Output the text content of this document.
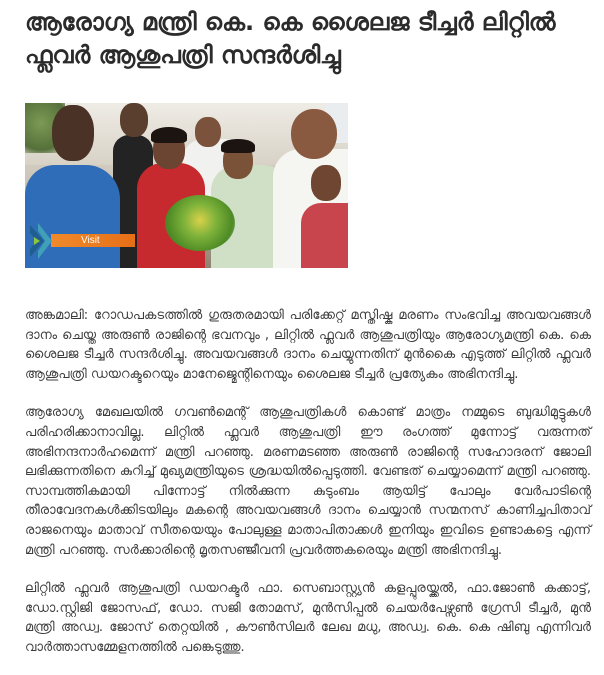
ആരോഗ്യ മന്ത്രി കെ. കെ ശൈലജ ടീച്ചർ ലിറ്റിൽ ഫ്ലവർ ആശുപത്രി സന്ദർശിച്ചു
Visit

അങ്കമാലി: റോഡപകടത്തിൽ ഗുരുതരമായി പരിക്കേറ്റ് മസ്തിഷ്ക മരണം സംഭവിച്ച അവയവങ്ങൾ ദാനം ചെയ്ത അരുൺ രാജിന്റെ ഭവനവും , ലിറ്റിൽ ഫ്ലവർ ആശുപത്രിയും ആരോഗ്യമന്ത്രി കെ. കെ ശൈലജ ടീച്ചർ സന്ദർശിച്ചു. അവയവങ്ങൾ ദാനം ചെയ്യുന്നതിന് മുൻകൈ എടുത്ത് ലിറ്റിൽ ഫ്ലവർ ആശുപത്രി ഡയറക്ടറെയും മാനേജ്മെന്റിനെയും ശൈലജ ടീച്ചർ പ്രത്യേകം അഭിനന്ദിച്ചു.

ആരോഗ്യ മേഖലയിൽ ഗവൺമെന്റ് ആശുപത്രികൾ കൊണ്ട് മാത്രം നമ്മുടെ ബുദ്ധിമുട്ടുകൾ പരിഹരിക്കാനാവില്ല. ലിറ്റിൽ ഫ്ലവർ ആശുപത്രി ഈ രംഗത്ത് മുന്നോട്ട് വരുന്നത് അഭിനന്ദനാർഹമെന്ന് മന്ത്രി പറഞ്ഞു. മരണമടഞ്ഞ അരുൺ രാജിന്റെ സഹോദരന് ജോലി ലഭിക്കുന്നതിനെ കുറിച്ച് മുഖ്യമന്ത്രിയുടെ ശ്രദ്ധയിൽപ്പെടുത്തി. വേണ്ടത് ചെയ്യാമെന്ന് മന്ത്രി പറഞ്ഞു. സാമ്പത്തികമായി പിന്നോട്ട് നിൽക്കുന്ന കുടുംബം ആയിട്ട് പോലും വേർപാടിന്റെ തീരാവേദനകൾക്കിടയിലും മകന്റെ അവയവങ്ങൾ ദാനം ചെയ്യാൻ സന്മനസ് കാണിച്ചപിതാവ് രാജനെയും മാതാവ് സീതയെയും പോലുള്ള മാതാപിതാക്കൾ ഇനിയും ഇവിടെ ഉണ്ടാകട്ടെ എന്ന് മന്ത്രി പറഞ്ഞു. സർക്കാരിന്റെ മൃതസഞ്ജീവനി പ്രവർത്തകരെയും മന്ത്രി അഭിനന്ദിച്ചു.

ലിറ്റിൽ ഫ്ലവർ ആശുപത്രി ഡയറക്ടർ ഫാ. സെബാസ്റ്റ്യൻ കളപ്പുരയ്ക്കൽ, ഫാ.ജോൺ കക്കാട്ട്, ഡോ.സ്റ്റിജി ജോസഫ്, ഡോ. സജി തോമസ്, മുൻസിപ്പൽ ചെയർപേഴ്സൺ ഗ്രേസി ടീച്ചർ, മുൻ മന്ത്രി അഡ്വ. ജോസ് തെറ്റയിൽ , കൗൺസിലർ ലേഖ മധു, അഡ്വ. കെ. കെ ഷിബു എന്നിവർ വാർത്താസമ്മേളനത്തിൽ പങ്കെടുത്തു.
